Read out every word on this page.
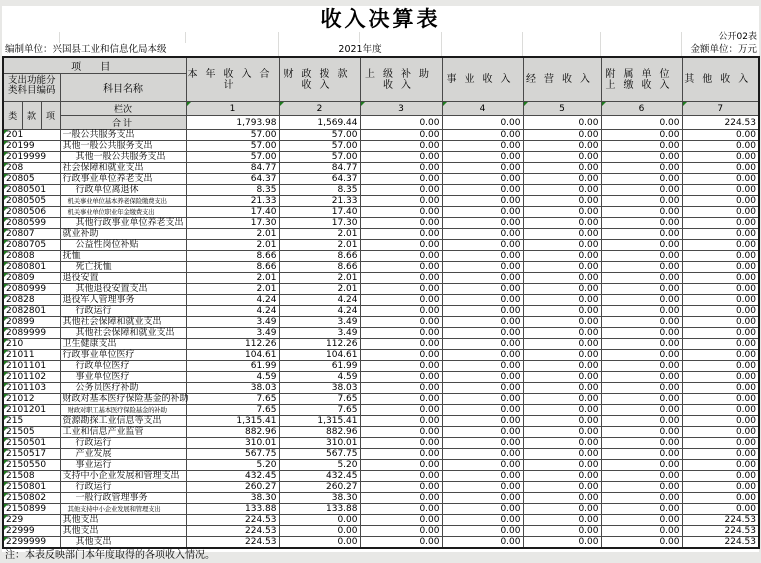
收入决算表
公开02表
编制单位：兴国县工业和信息化局本级	2021年度	金额单位：万元
项 目				本年收入合计	财政拨款收入	上级补助收入	事业收入	经营收入	附属单位上缴收入	其他收入
支出功能分类科目编码			科目名称							
类	款	项	栏次	1	2	3	4	5	6	7
			合计	1,793.98	1,569.44	0.00	0.00	0.00	0.00	224.53
201			一般公共服务支出	57.00	57.00	0.00	0.00	0.00	0.00	0.00
20199			其他一般公共服务支出	57.00	57.00	0.00	0.00	0.00	0.00	0.00
2019999			其他一般公共服务支出	57.00	57.00	0.00	0.00	0.00	0.00	0.00
208			社会保障和就业支出	84.77	84.77	0.00	0.00	0.00	0.00	0.00
20805			行政事业单位养老支出	64.37	64.37	0.00	0.00	0.00	0.00	0.00
2080501			行政单位离退休	8.35	8.35	0.00	0.00	0.00	0.00	0.00
2080505			机关事业单位基本养老保险缴费支出	21.33	21.33	0.00	0.00	0.00	0.00	0.00
2080506			机关事业单位职业年金缴费支出	17.40	17.40	0.00	0.00	0.00	0.00	0.00
2080599			其他行政事业单位养老支出	17.30	17.30	0.00	0.00	0.00	0.00	0.00
20807			就业补助	2.01	2.01	0.00	0.00	0.00	0.00	0.00
2080705			公益性岗位补贴	2.01	2.01	0.00	0.00	0.00	0.00	0.00
20808			抚恤	8.66	8.66	0.00	0.00	0.00	0.00	0.00
2080801			死亡抚恤	8.66	8.66	0.00	0.00	0.00	0.00	0.00
20809			退役安置	2.01	2.01	0.00	0.00	0.00	0.00	0.00
2080999			其他退役安置支出	2.01	2.01	0.00	0.00	0.00	0.00	0.00
20828			退役军人管理事务	4.24	4.24	0.00	0.00	0.00	0.00	0.00
2082801			行政运行	4.24	4.24	0.00	0.00	0.00	0.00	0.00
20899			其他社会保障和就业支出	3.49	3.49	0.00	0.00	0.00	0.00	0.00
2089999			其他社会保障和就业支出	3.49	3.49	0.00	0.00	0.00	0.00	0.00
210			卫生健康支出	112.26	112.26	0.00	0.00	0.00	0.00	0.00
21011			行政事业单位医疗	104.61	104.61	0.00	0.00	0.00	0.00	0.00
2101101			行政单位医疗	61.99	61.99	0.00	0.00	0.00	0.00	0.00
2101102			事业单位医疗	4.59	4.59	0.00	0.00	0.00	0.00	0.00
2101103			公务员医疗补助	38.03	38.03	0.00	0.00	0.00	0.00	0.00
21012			财政对基本医疗保险基金的补助	7.65	7.65	0.00	0.00	0.00	0.00	0.00
2101201			财政对职工基本医疗保险基金的补助	7.65	7.65	0.00	0.00	0.00	0.00	0.00
215			资源勘探工业信息等支出	1,315.41	1,315.41	0.00	0.00	0.00	0.00	0.00
21505			工业和信息产业监管	882.96	882.96	0.00	0.00	0.00	0.00	0.00
2150501			行政运行	310.01	310.01	0.00	0.00	0.00	0.00	0.00
2150517			产业发展	567.75	567.75	0.00	0.00	0.00	0.00	0.00
2150550			事业运行	5.20	5.20	0.00	0.00	0.00	0.00	0.00
21508			支持中小企业发展和管理支出	432.45	432.45	0.00	0.00	0.00	0.00	0.00
2150801			行政运行	260.27	260.27	0.00	0.00	0.00	0.00	0.00
2150802			一般行政管理事务	38.30	38.30	0.00	0.00	0.00	0.00	0.00
2150899			其他支持中小企业发展和管理支出	133.88	133.88	0.00	0.00	0.00	0.00	0.00
229			其他支出	224.53	0.00	0.00	0.00	0.00	0.00	224.53
22999			其他支出	224.53	0.00	0.00	0.00	0.00	0.00	224.53
2299999			其他支出	224.53	0.00	0.00	0.00	0.00	0.00	224.53
注：本表反映部门本年度取得的各项收入情况。
